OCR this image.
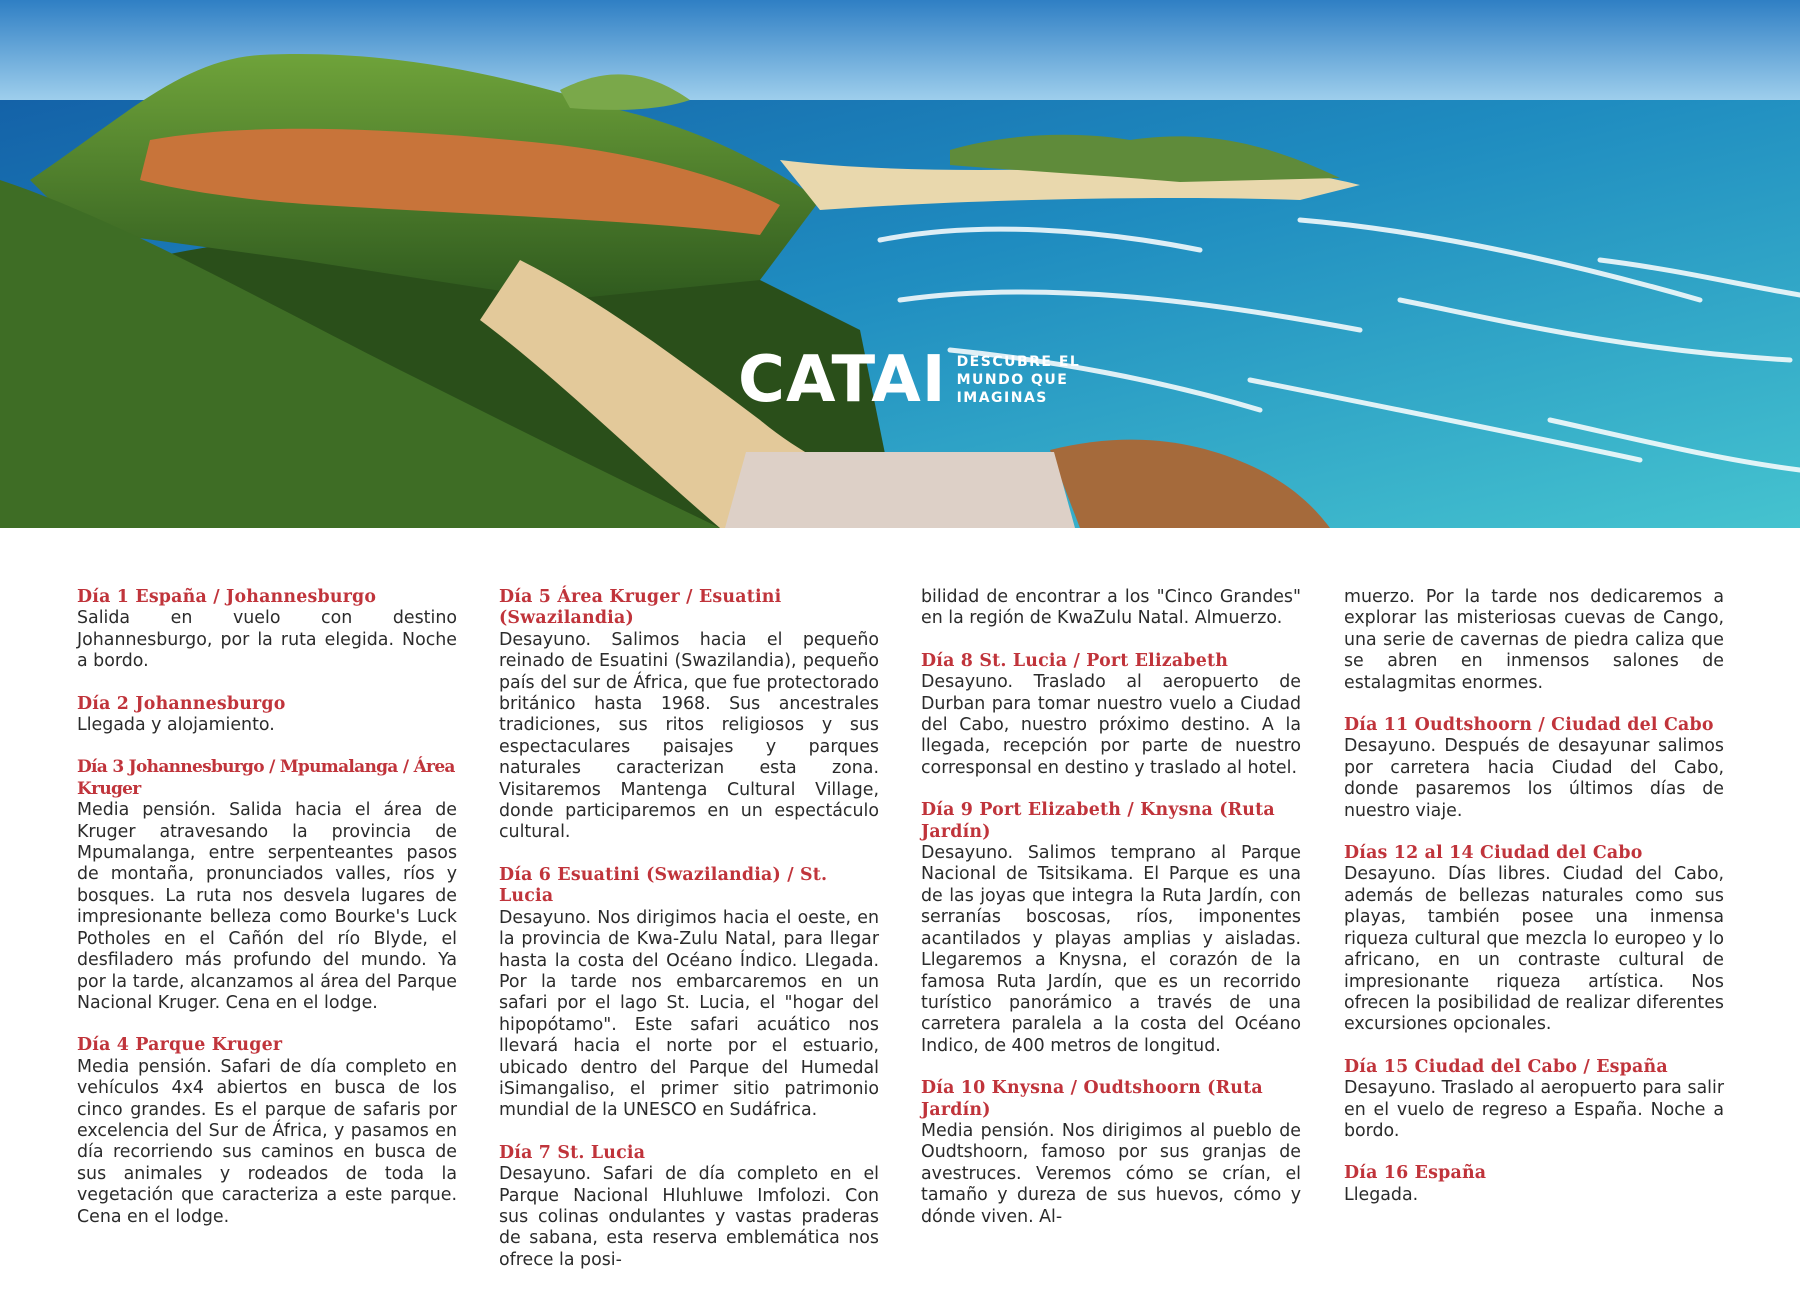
CATAI DESCUBRE EL
MUNDO QUE
IMAGINAS
Día 1 España / Johannesburgo
Salida en vuelo con destino Johannesburgo, por la ruta elegida. Noche a bordo.
Día 2 Johannesburgo
Llegada y alojamiento.
Día 3 Johannesburgo / Mpumalanga / Área Kruger
Media pensión. Salida hacia el área de Kruger atravesando la provincia de Mpumalanga, entre serpenteantes pasos de montaña, pronunciados valles, ríos y bosques. La ruta nos desvela lugares de impresionante belleza como Bourke's Luck Potholes en el Cañón del río Blyde, el desfiladero más profundo del mundo. Ya por la tarde, alcanzamos al área del Parque Nacional Kruger. Cena en el lodge.
Día 4 Parque Kruger
Media pensión. Safari de día completo en vehículos 4x4 abiertos en busca de los cinco grandes. Es el parque de safaris por excelencia del Sur de África, y pasamos en día recorriendo sus caminos en busca de sus animales y rodeados de toda la vegetación que caracteriza a este parque. Cena en el lodge.
Día 5 Área Kruger / Esuatini (Swazilandia)
Desayuno. Salimos hacia el pequeño reinado de Esuatini (Swazilandia), pequeño país del sur de África, que fue protectorado británico hasta 1968. Sus ancestrales tradiciones, sus ritos religiosos y sus espectaculares paisajes y parques naturales caracterizan esta zona. Visitaremos Mantenga Cultural Village, donde participaremos en un espectáculo cultural.
Día 6 Esuatini (Swazilandia) / St. Lucia
Desayuno. Nos dirigimos hacia el oeste, en la provincia de Kwa-Zulu Natal, para llegar hasta la costa del Océano Índico. Llegada. Por la tarde nos embarcaremos en un safari por el lago St. Lucia, el "hogar del hipopótamo". Este safari acuático nos llevará hacia el norte por el estuario, ubicado dentro del Parque del Humedal iSimangaliso, el primer sitio patrimonio mundial de la UNESCO en Sudáfrica.
Día 7 St. Lucia
Desayuno. Safari de día completo en el Parque Nacional Hluhluwe Imfolozi. Con sus colinas ondulantes y vastas praderas de sabana, esta reserva emblemática nos ofrece la posi-
bilidad de encontrar a los "Cinco Grandes" en la región de KwaZulu Natal. Almuerzo.
Día 8 St. Lucia / Port Elizabeth
Desayuno. Traslado al aeropuerto de Durban para tomar nuestro vuelo a Ciudad del Cabo, nuestro próximo destino. A la llegada, recepción por parte de nuestro corresponsal en destino y traslado al hotel.
Día 9 Port Elizabeth / Knysna (Ruta Jardín)
Desayuno. Salimos temprano al Parque Nacional de Tsitsikama. El Parque es una de las joyas que integra la Ruta Jardín, con serranías boscosas, ríos, imponentes acantilados y playas amplias y aisladas. Llegaremos a Knysna, el corazón de la famosa Ruta Jardín, que es un recorrido turístico panorámico a través de una carretera paralela a la costa del Océano Indico, de 400 metros de longitud.
Día 10 Knysna / Oudtshoorn (Ruta Jardín)
Media pensión. Nos dirigimos al pueblo de Oudtshoorn, famoso por sus granjas de avestruces. Veremos cómo se crían, el tamaño y dureza de sus huevos, cómo y dónde viven. Al-
muerzo. Por la tarde nos dedicaremos a explorar las misteriosas cuevas de Cango, una serie de cavernas de piedra caliza que se abren en inmensos salones de estalagmitas enormes.
Día 11 Oudtshoorn / Ciudad del Cabo
Desayuno. Después de desayunar salimos por carretera hacia Ciudad del Cabo, donde pasaremos los últimos días de nuestro viaje.
Días 12 al 14 Ciudad del Cabo
Desayuno. Días libres. Ciudad del Cabo, además de bellezas naturales como sus playas, también posee una inmensa riqueza cultural que mezcla lo europeo y lo africano, en un contraste cultural de impresionante riqueza artística. Nos ofrecen la posibilidad de realizar diferentes excursiones opcionales.
Día 15 Ciudad del Cabo / España
Desayuno. Traslado al aeropuerto para salir en el vuelo de regreso a España. Noche a bordo.
Día 16 España
Llegada.
